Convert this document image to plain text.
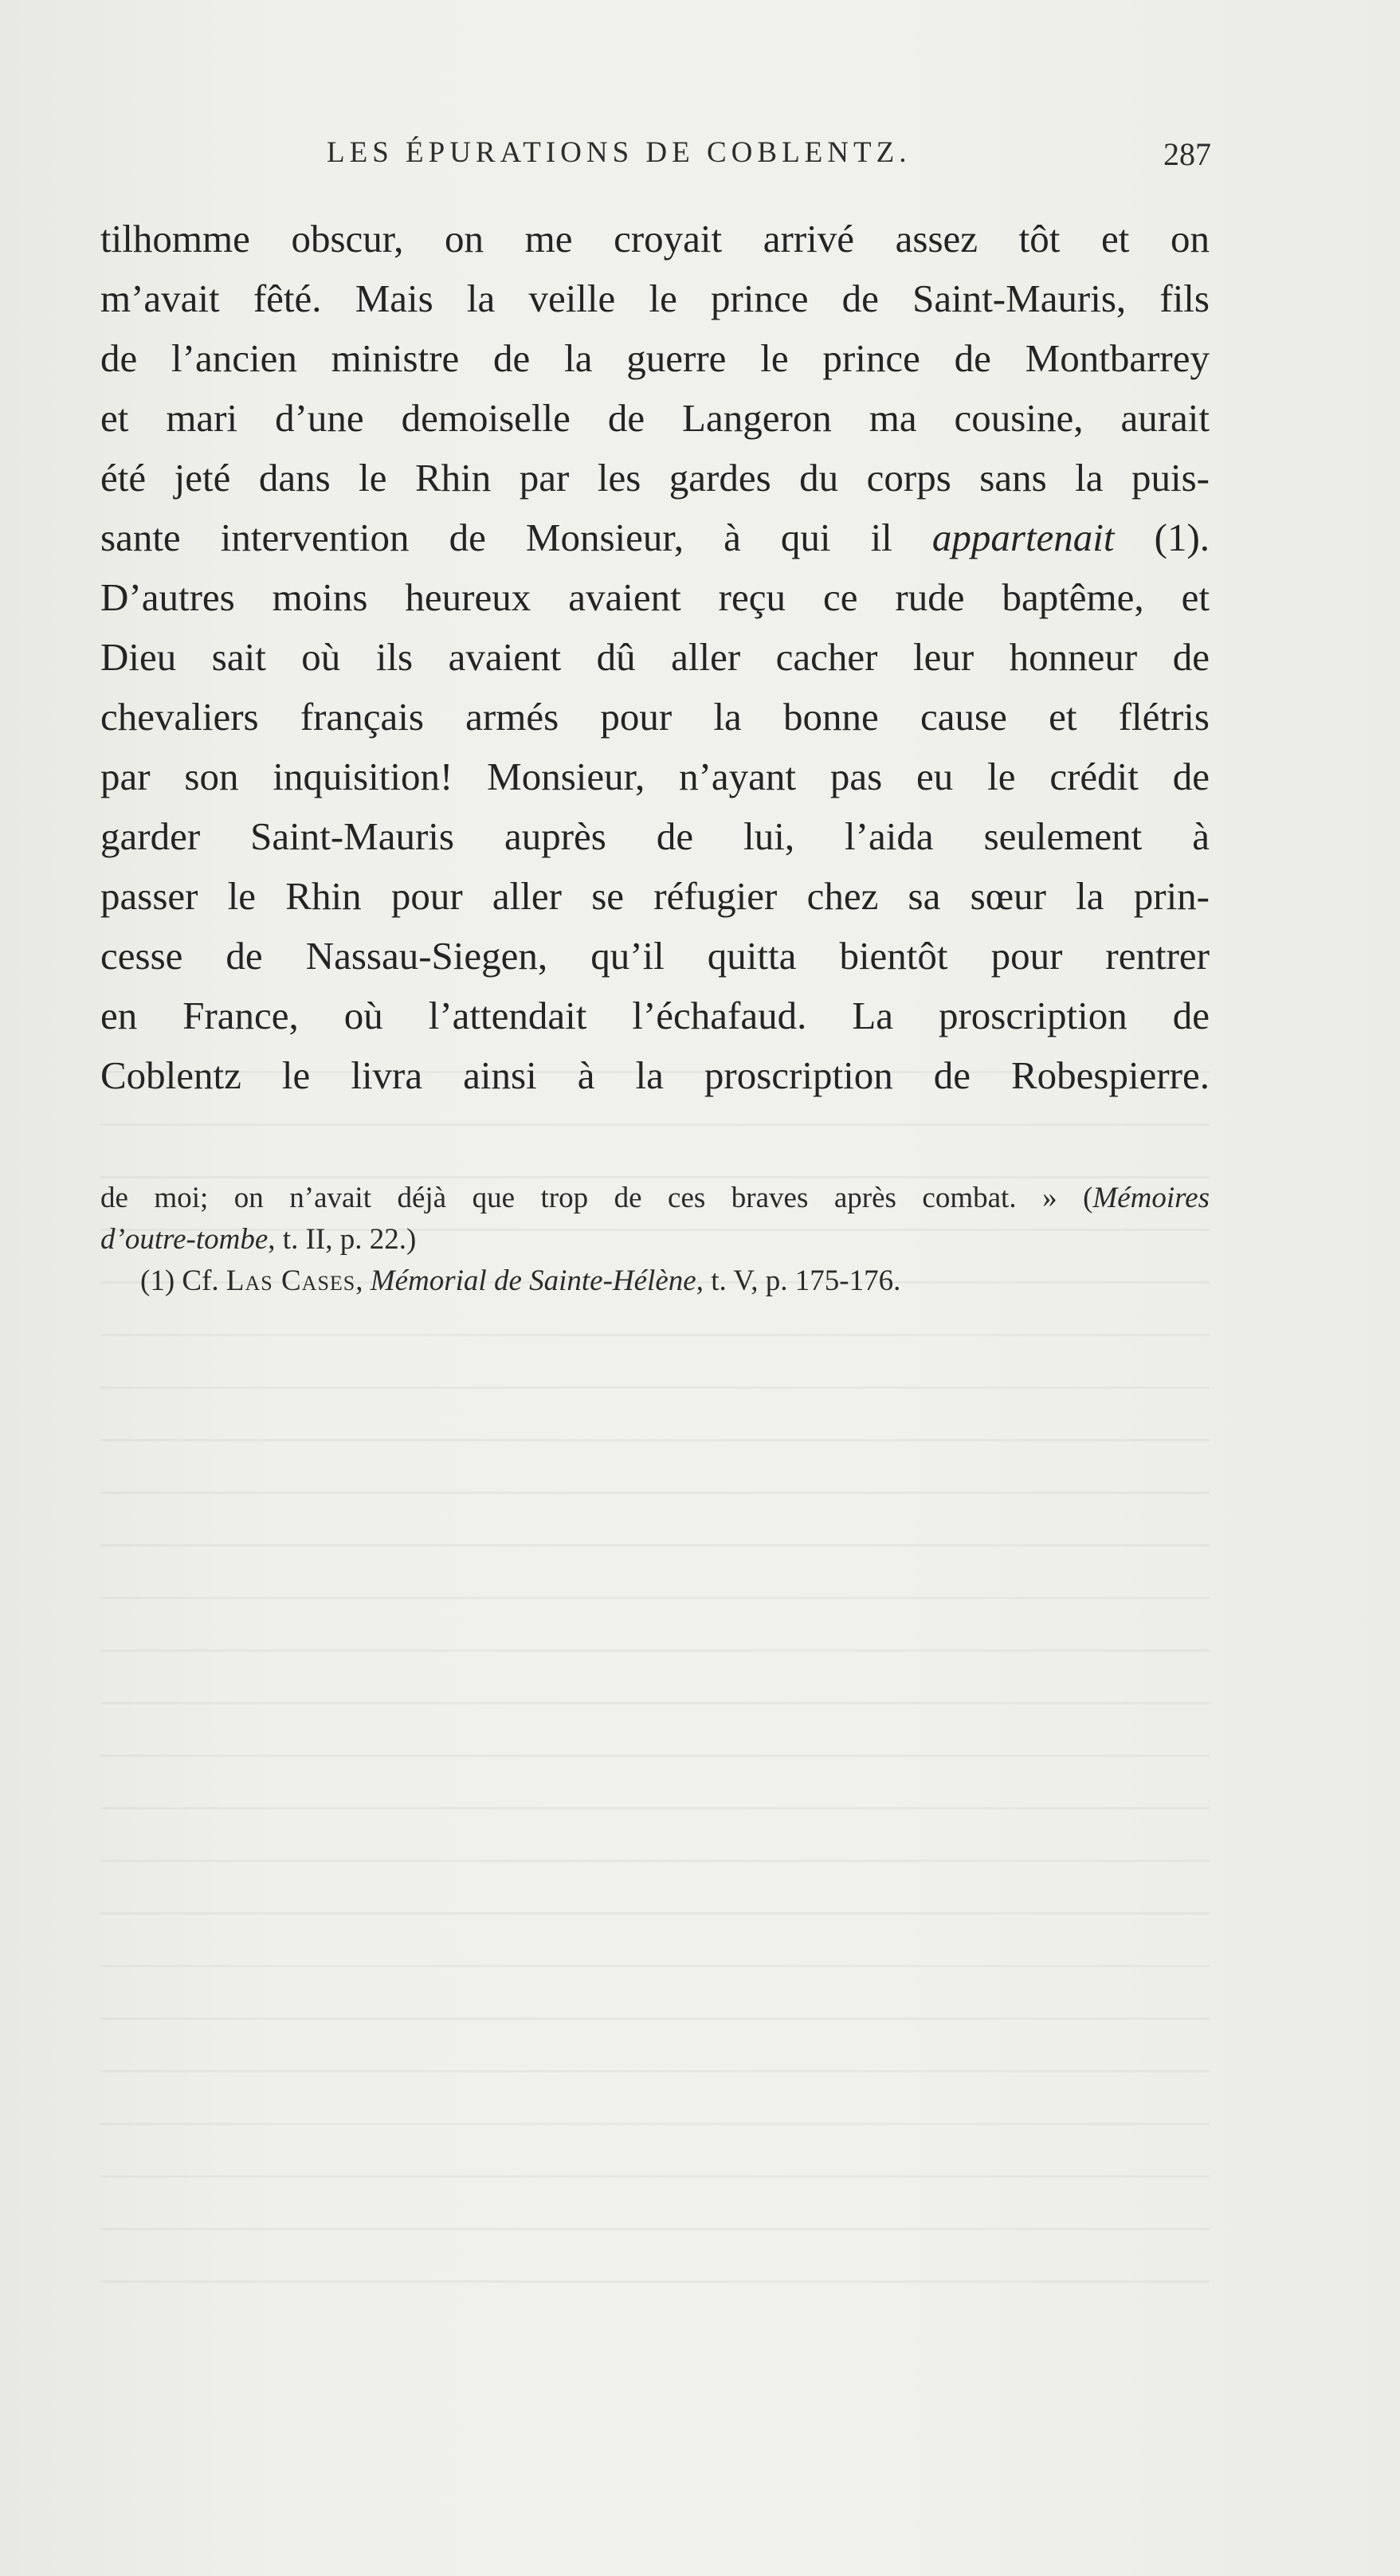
LES ÉPURATIONS DE COBLENTZ.	287
tilhomme obscur, on me croyait arrivé assez tôt et on
m’avait fêté. Mais la veille le prince de Saint-Mauris, fils
de l’ancien ministre de la guerre le prince de Montbarrey
et mari d’une demoiselle de Langeron ma cousine, aurait
été jeté dans le Rhin par les gardes du corps sans la puis-
sante intervention de Monsieur, à qui il appartenait (1).
D’autres moins heureux avaient reçu ce rude baptême, et
Dieu sait où ils avaient dû aller cacher leur honneur de
chevaliers français armés pour la bonne cause et flétris
par son inquisition! Monsieur, n’ayant pas eu le crédit de
garder Saint-Mauris auprès de lui, l’aida seulement à
passer le Rhin pour aller se réfugier chez sa sœur la prin-
cesse de Nassau-Siegen, qu’il quitta bientôt pour rentrer
en France, où l’attendait l’échafaud. La proscription de
Coblentz le livra ainsi à la proscription de Robespierre.
de moi; on n’avait déjà que trop de ces braves après combat. » (Mémoires
d’outre-tombe, t. II, p. 22.)
(1) Cf. Las Cases, Mémorial de Sainte-Hélène, t. V, p. 175-176.
